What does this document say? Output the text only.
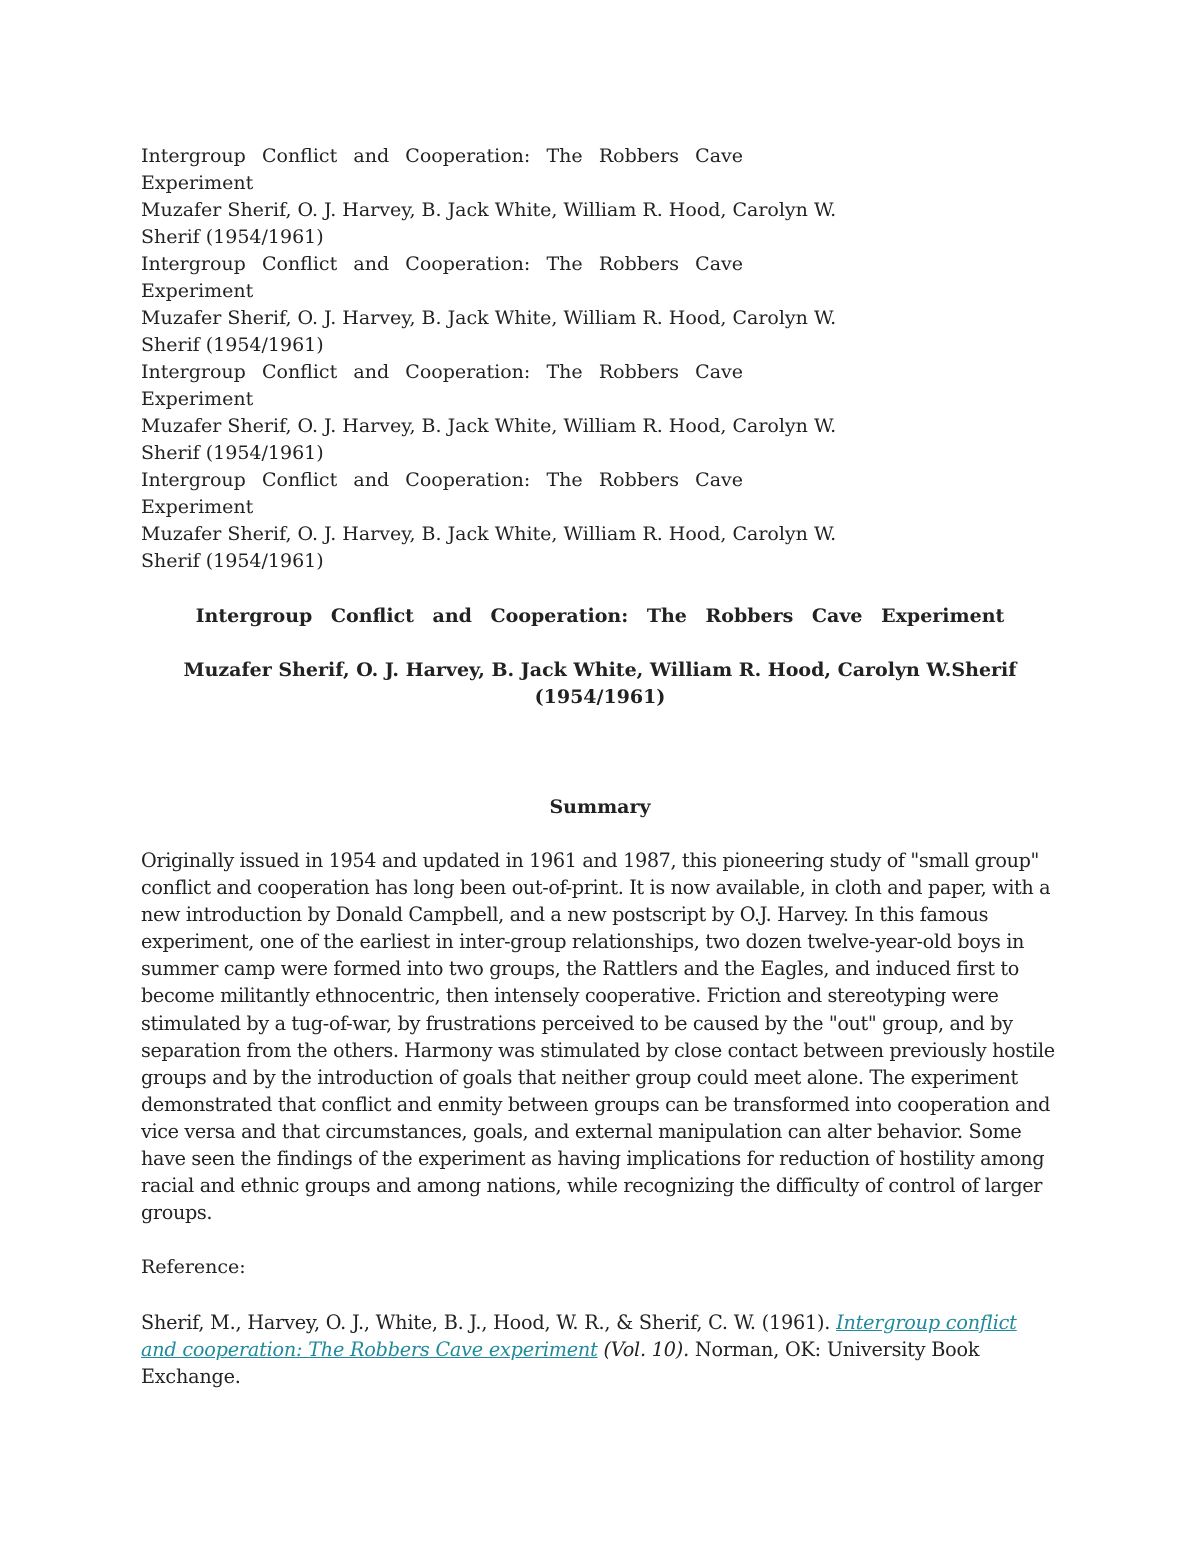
Intergroup Conflict and Cooperation: The Robbers Cave
Experiment
Muzafer Sherif, O. J. Harvey, B. Jack White, William R. Hood, Carolyn W.
Sherif (1954/1961)
Intergroup Conflict and Cooperation: The Robbers Cave
Experiment
Muzafer Sherif, O. J. Harvey, B. Jack White, William R. Hood, Carolyn W.
Sherif (1954/1961)
Intergroup Conflict and Cooperation: The Robbers Cave
Experiment
Muzafer Sherif, O. J. Harvey, B. Jack White, William R. Hood, Carolyn W.
Sherif (1954/1961)
Intergroup Conflict and Cooperation: The Robbers Cave
Experiment
Muzafer Sherif, O. J. Harvey, B. Jack White, William R. Hood, Carolyn W.
Sherif (1954/1961)
Intergroup Conflict and Cooperation: The Robbers Cave Experiment
Muzafer Sherif, O. J. Harvey, B. Jack White, William R. Hood, Carolyn W.Sherif
(1954/1961)
Summary

Originally issued in 1954 and updated in 1961 and 1987, this pioneering study of "small group" conflict and cooperation has long been out-of-print. It is now available, in cloth and paper, with a new introduction by Donald Campbell, and a new postscript by O.J. Harvey. In this famous experiment, one of the earliest in inter-group relationships, two dozen twelve-year-old boys in summer camp were formed into two groups, the Rattlers and the Eagles, and induced first to become militantly ethnocentric, then intensely cooperative. Friction and stereotyping were stimulated by a tug-of-war, by frustrations perceived to be caused by the "out" group, and by separation from the others. Harmony was stimulated by close contact between previously hostile groups and by the introduction of goals that neither group could meet alone. The experiment demonstrated that conflict and enmity between groups can be transformed into cooperation and vice versa and that circumstances, goals, and external manipulation can alter behavior. Some have seen the findings of the experiment as having implications for reduction of hostility among racial and ethnic groups and among nations, while recognizing the difficulty of control of larger groups.

Reference:

Sherif, M., Harvey, O. J., White, B. J., Hood, W. R., & Sherif, C. W. (1961). Intergroup conflict and cooperation: The Robbers Cave experiment (Vol. 10). Norman, OK: University Book Exchange.
